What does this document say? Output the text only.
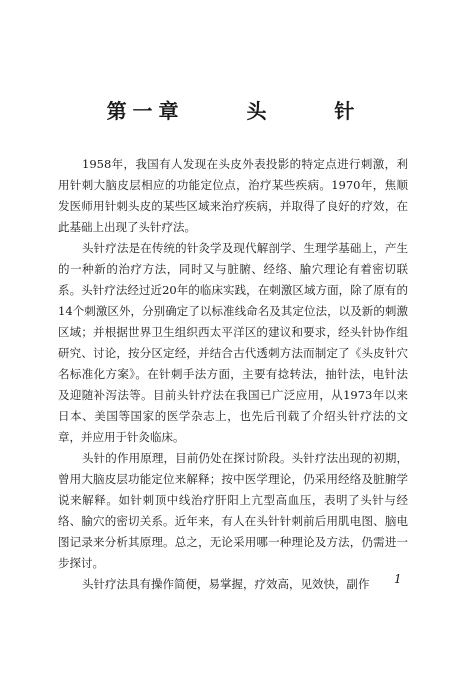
第一章  头  针

1958年，我国有人发现在头皮外表投影的特定点进行刺激，利用针刺大脑皮层相应的功能定位点，治疗某些疾病。1970年，焦顺发医师用针刺头皮的某些区域来治疗疾病，并取得了良好的疗效，在此基础上出现了头针疗法。

头针疗法是在传统的针灸学及现代解剖学、生理学基础上，产生的一种新的治疗方法，同时又与脏腑、经络、腧穴理论有着密切联系。头针疗法经过近20年的临床实践，在刺激区域方面，除了原有的14个刺激区外，分别确定了以标准线命名及其定位法，以及新的刺激区域；并根据世界卫生组织西太平洋区的建议和要求，经头针协作组研究、讨论，按分区定经，并结合古代透刺方法而制定了《头皮针穴名标准化方案》。在针刺手法方面，主要有捻转法，抽针法，电针法及迎随补泻法等。目前头针疗法在我国已广泛应用，从1973年以来日本、美国等国家的医学杂志上，也先后刊载了介绍头针疗法的文章，并应用于针灸临床。

头针的作用原理，目前仍处在探讨阶段。头针疗法出现的初期，曾用大脑皮层功能定位来解释；按中医学理论，仍采用经络及脏腑学说来解释。如针刺顶中线治疗肝阳上亢型高血压，表明了头针与经络、腧穴的密切关系。近年来，有人在头针针刺前后用肌电图、脑电图记录来分析其原理。总之，无论采用哪一种理论及方法，仍需进一步探讨。

头针疗法具有操作简便，易掌握，疗效高，见效快，副作	1
